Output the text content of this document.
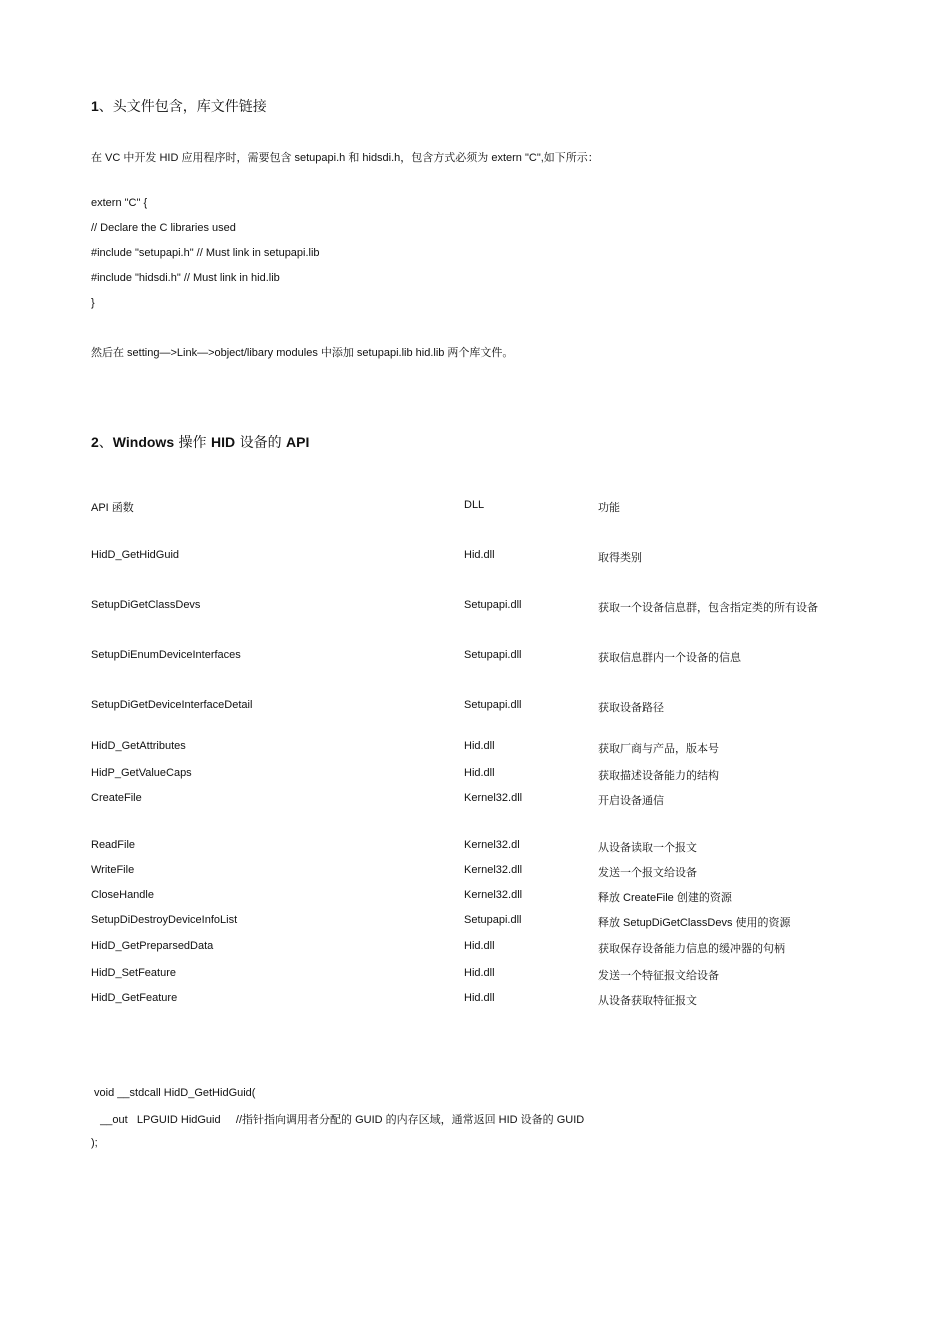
1、头文件包含，库文件链接
在 VC 中开发 HID 应用程序时，需要包含 setupapi.h 和 hidsdi.h，包含方式必须为 extern "C",如下所示：
extern "C" {
// Declare the C libraries used
#include "setupapi.h" // Must link in setupapi.lib
#include "hidsdi.h" // Must link in hid.lib
}
然后在 setting—>Link—>object/libary modules 中添加 setupapi.lib hid.lib 两个库文件。
2、Windows 操作 HID 设备的 API
API 函数	DLL	功能
HidD_GetHidGuid	Hid.dll	取得类别
SetupDiGetClassDevs	Setupapi.dll	获取一个设备信息群，包含指定类的所有设备
SetupDiEnumDeviceInterfaces	Setupapi.dll	获取信息群内一个设备的信息
SetupDiGetDeviceInterfaceDetail	Setupapi.dll	获取设备路径
HidD_GetAttributes	Hid.dll	获取厂商与产品，版本号
HidP_GetValueCaps	Hid.dll	获取描述设备能力的结构
CreateFile	Kernel32.dll	开启设备通信
ReadFile	Kernel32.dl	从设备读取一个报文
WriteFile	Kernel32.dll	发送一个报文给设备
CloseHandle	Kernel32.dll	释放 CreateFile 创建的资源
SetupDiDestroyDeviceInfoList	Setupapi.dll	释放 SetupDiGetClassDevs 使用的资源
HidD_GetPreparsedData	Hid.dll	获取保存设备能力信息的缓冲器的句柄
HidD_SetFeature	Hid.dll	发送一个特征报文给设备
HidD_GetFeature	Hid.dll	从设备获取特征报文
void __stdcall HidD_GetHidGuid(
__out   LPGUID HidGuid     //指针指向调用者分配的 GUID 的内存区域，通常返回 HID 设备的 GUID
);
